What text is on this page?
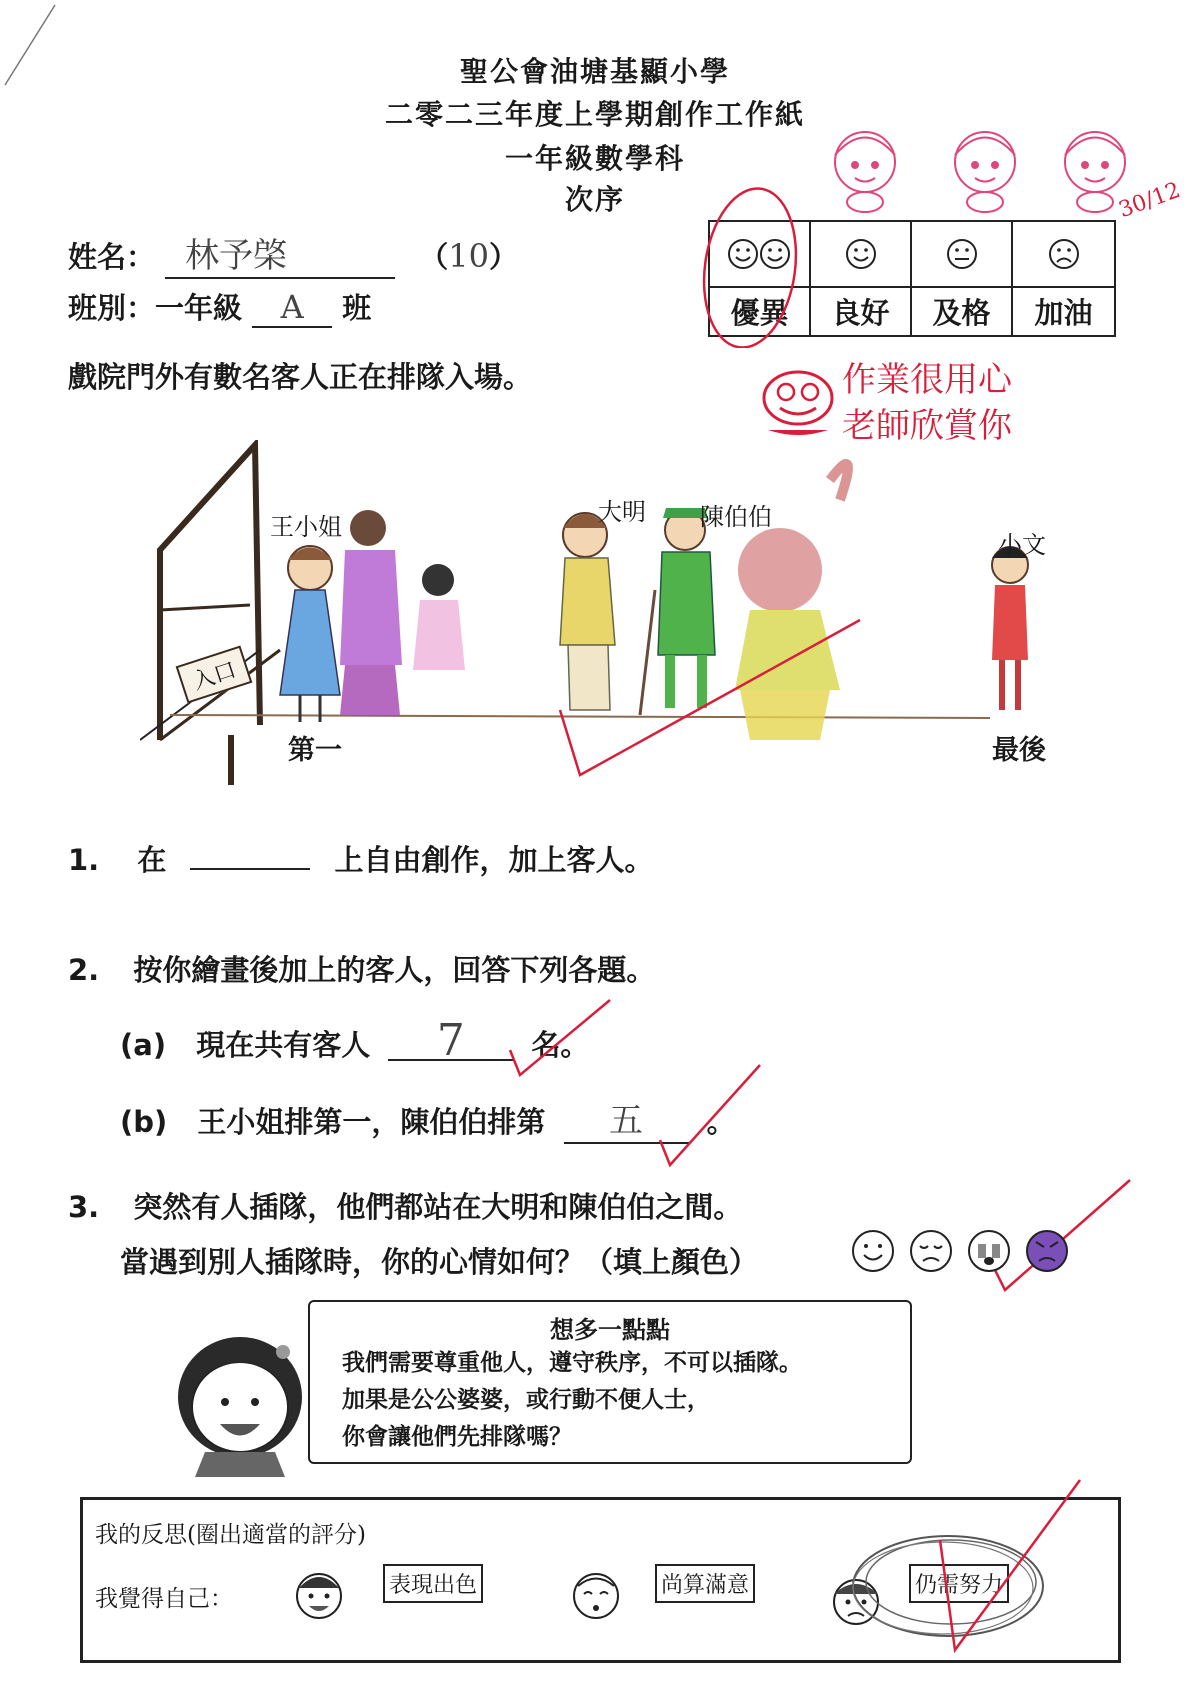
聖公會油塘基顯小學
二零二三年度上學期創作工作紙
一年級數學科
次序	30/12
姓名： 林予棨	（10）
班別：一年級 A 班	優異	良好	及格	加油
作業很用心
老師欣賞你
戲院門外有數名客人正在排隊入場。
入口
王小姐
大明 陳伯伯
小文
第一	最後
1. 在	上自由創作，加上客人。
2. 按你繪畫後加上的客人，回答下列各題。
(a) 現在共有客人 7 名。
(b) 王小姐排第一，陳伯伯排第 五 。
3. 突然有人插隊，他們都站在大明和陳伯伯之間。
當遇到別人插隊時，你的心情如何？（填上顏色）
想多一點點
我們需要尊重他人，遵守秩序，不可以插隊。
加果是公公婆婆，或行動不便人士，
你會讓他們先排隊嗎？
我的反思(圈出適當的評分)
我覺得自己：
表現出色	尚算滿意	仍需努力
